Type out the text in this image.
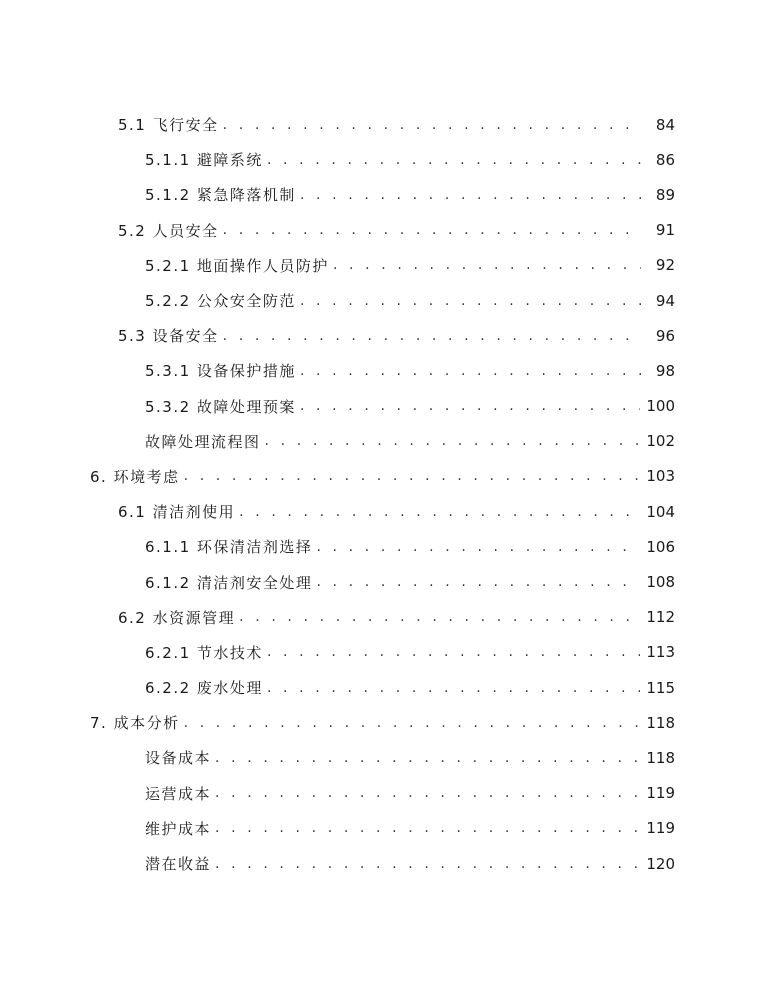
5.1 飞行安全 . . .	84
5.1.1 避障系统 . . .	86
5.1.2 紧急降落机制 . . .	89
5.2 人员安全 . . .	91
5.2.1 地面操作人员防护 . . .	92
5.2.2 公众安全防范 . . .	94
5.3 设备安全 . . .	96
5.3.1 设备保护措施 . . .	98
5.3.2 故障处理预案 . . .	100
故障处理流程图 . . .	102
6. 环境考虑 . . .	103
6.1 清洁剂使用 . . .	104
6.1.1 环保清洁剂选择 . . .	106
6.1.2 清洁剂安全处理 . . .	108
6.2 水资源管理 . . .	112
6.2.1 节水技术 . . .	113
6.2.2 废水处理 . . .	115
7. 成本分析 . . .	118
设备成本 . . .	118
运营成本 . . .	119
维护成本 . . .	119
潜在收益 . . .	120
